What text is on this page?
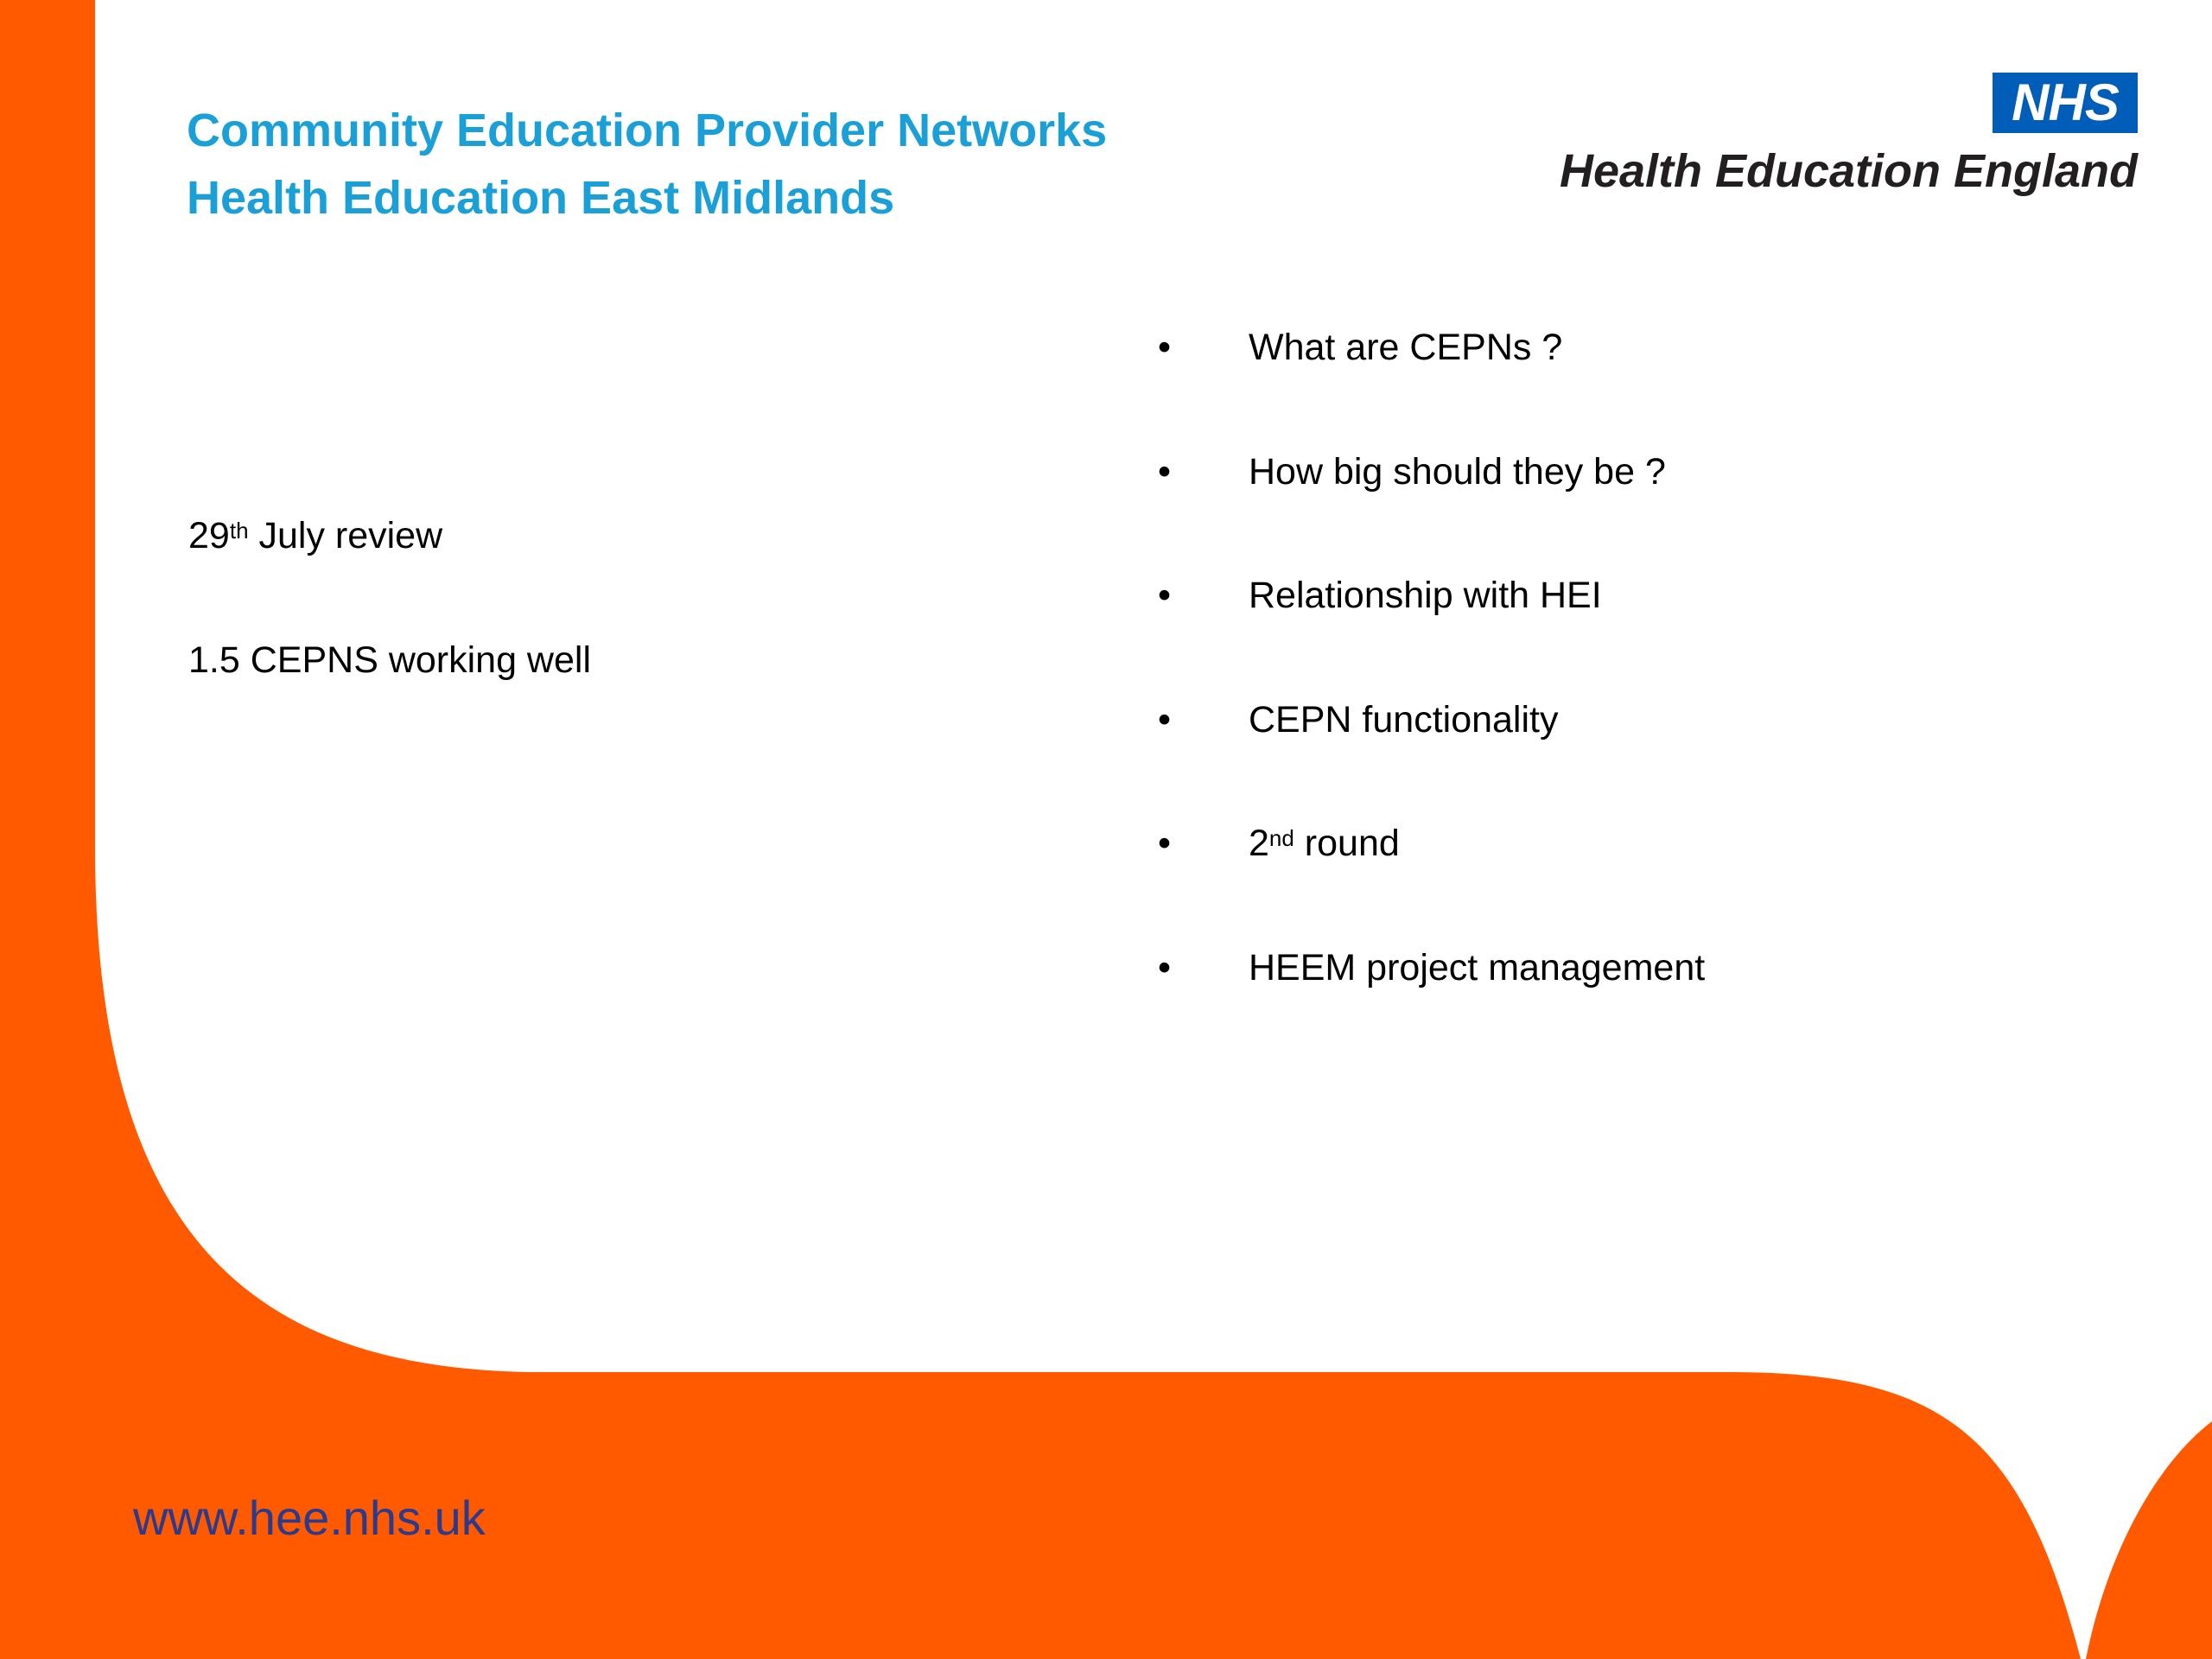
Community Education Provider Networks
Health Education East Midlands
NHS
Health Education England

29th July review

1.5 CEPNS working well

•	What are CEPNs ?
•	How big should they be ?
•	Relationship with HEI
•	CEPN functionality
•	2nd round
•	HEEM project management
www.hee.nhs.uk
